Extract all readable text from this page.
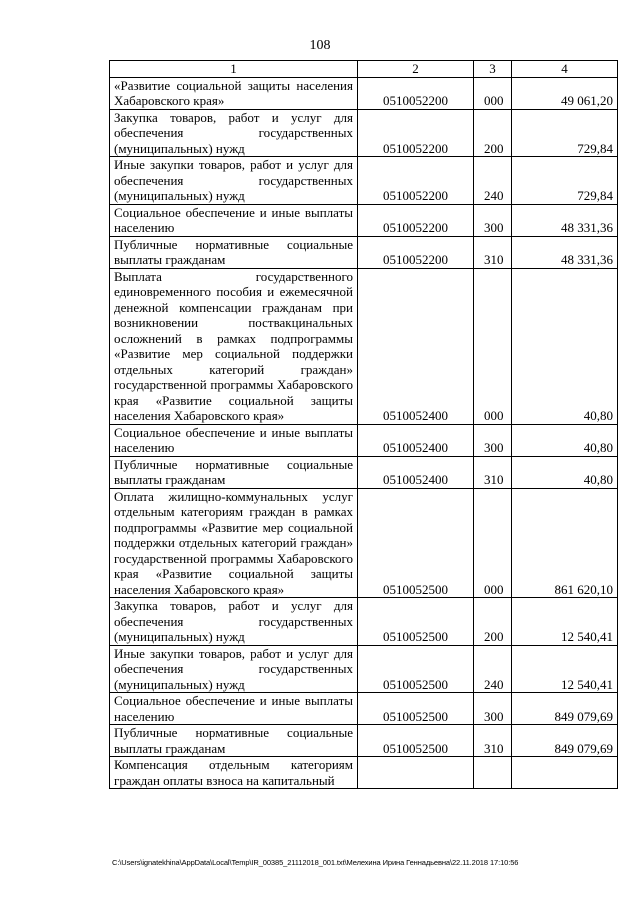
108
1	2	3	4
«Развитие социальной защиты населения Хабаровского края»	0510052200	000	49 061,20
Закупка товаров, работ и услуг для обеспечения государственных (муниципальных) нужд	0510052200	200	729,84
Иные закупки товаров, работ и услуг для обеспечения государственных (муниципальных) нужд	0510052200	240	729,84
Социальное обеспечение и иные выплаты населению	0510052200	300	48 331,36
Публичные нормативные социальные выплаты гражданам	0510052200	310	48 331,36
Выплата государственного единовременного пособия и ежемесячной денежной компенсации гражданам при возникновении поствакцинальных осложнений в рамках подпрограммы «Развитие мер социальной поддержки отдельных категорий граждан» государственной программы Хабаровского края «Развитие социальной защиты населения Хабаровского края»	0510052400	000	40,80
Социальное обеспечение и иные выплаты населению	0510052400	300	40,80
Публичные нормативные социальные выплаты гражданам	0510052400	310	40,80
Оплата жилищно-коммунальных услуг отдельным категориям граждан в рамках подпрограммы «Развитие мер социальной поддержки отдельных категорий граждан» государственной программы Хабаровского края «Развитие социальной защиты населения Хабаровского края»	0510052500	000	861 620,10
Закупка товаров, работ и услуг для обеспечения государственных (муниципальных) нужд	0510052500	200	12 540,41
Иные закупки товаров, работ и услуг для обеспечения государственных (муниципальных) нужд	0510052500	240	12 540,41
Социальное обеспечение и иные выплаты населению	0510052500	300	849 079,69
Публичные нормативные социальные выплаты гражданам	0510052500	310	849 079,69
Компенсация отдельным категориям граждан оплаты взноса на капитальный			
C:\Users\ignatekhina\AppData\Local\Temp\IR_00385_21112018_001.txt\Мелехина Ирина Геннадьевна\22.11.2018 17:10:56
